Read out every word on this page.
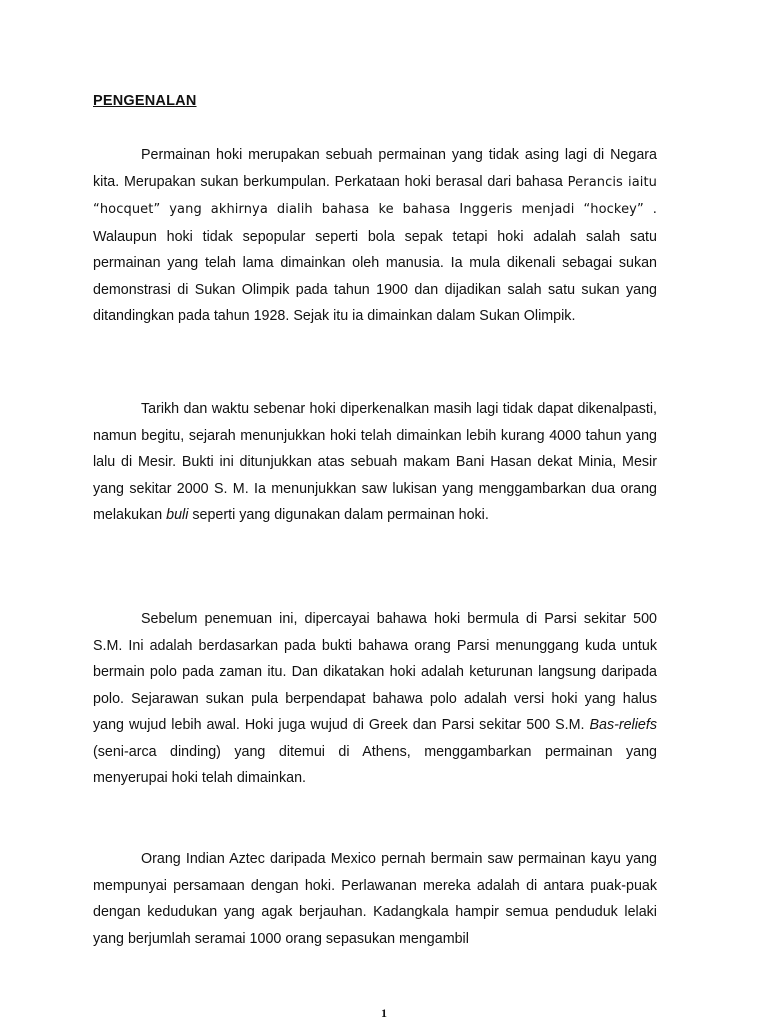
PENGENALAN

Permainan hoki merupakan sebuah permainan yang tidak asing lagi di Negara kita. Merupakan sukan berkumpulan. Perkataan hoki berasal dari bahasa Perancis iaitu “hocquet” yang akhirnya dialih bahasa ke bahasa Inggeris menjadi “hockey” . Walaupun hoki tidak sepopular seperti bola sepak tetapi hoki adalah salah satu permainan yang telah lama dimainkan oleh manusia. Ia mula dikenali sebagai sukan demonstrasi di Sukan Olimpik pada tahun 1900 dan dijadikan salah satu sukan yang ditandingkan pada tahun 1928. Sejak itu ia dimainkan dalam Sukan Olimpik.

Tarikh dan waktu sebenar hoki diperkenalkan masih lagi tidak dapat dikenalpasti, namun begitu, sejarah menunjukkan hoki telah dimainkan lebih kurang 4000 tahun yang lalu di Mesir. Bukti ini ditunjukkan atas sebuah makam Bani Hasan dekat Minia, Mesir yang sekitar 2000 S. M. Ia menunjukkan saw lukisan yang menggambarkan dua orang melakukan buli seperti yang digunakan dalam permainan hoki.

Sebelum penemuan ini, dipercayai bahawa hoki bermula di Parsi sekitar 500 S.M. Ini adalah berdasarkan pada bukti bahawa orang Parsi menunggang kuda untuk bermain polo pada zaman itu. Dan dikatakan hoki adalah keturunan langsung daripada polo. Sejarawan sukan pula berpendapat bahawa polo adalah versi hoki yang halus yang wujud lebih awal. Hoki juga wujud di Greek dan Parsi sekitar 500 S.M. Bas-reliefs (seni-arca dinding) yang ditemui di Athens, menggambarkan permainan yang menyerupai hoki telah dimainkan.

Orang Indian Aztec daripada Mexico pernah bermain saw permainan kayu yang mempunyai persamaan dengan hoki. Perlawanan mereka adalah di antara puak-puak dengan kedudukan yang agak berjauhan. Kadangkala hampir semua penduduk lelaki yang berjumlah seramai 1000 orang sepasukan mengambil

1
